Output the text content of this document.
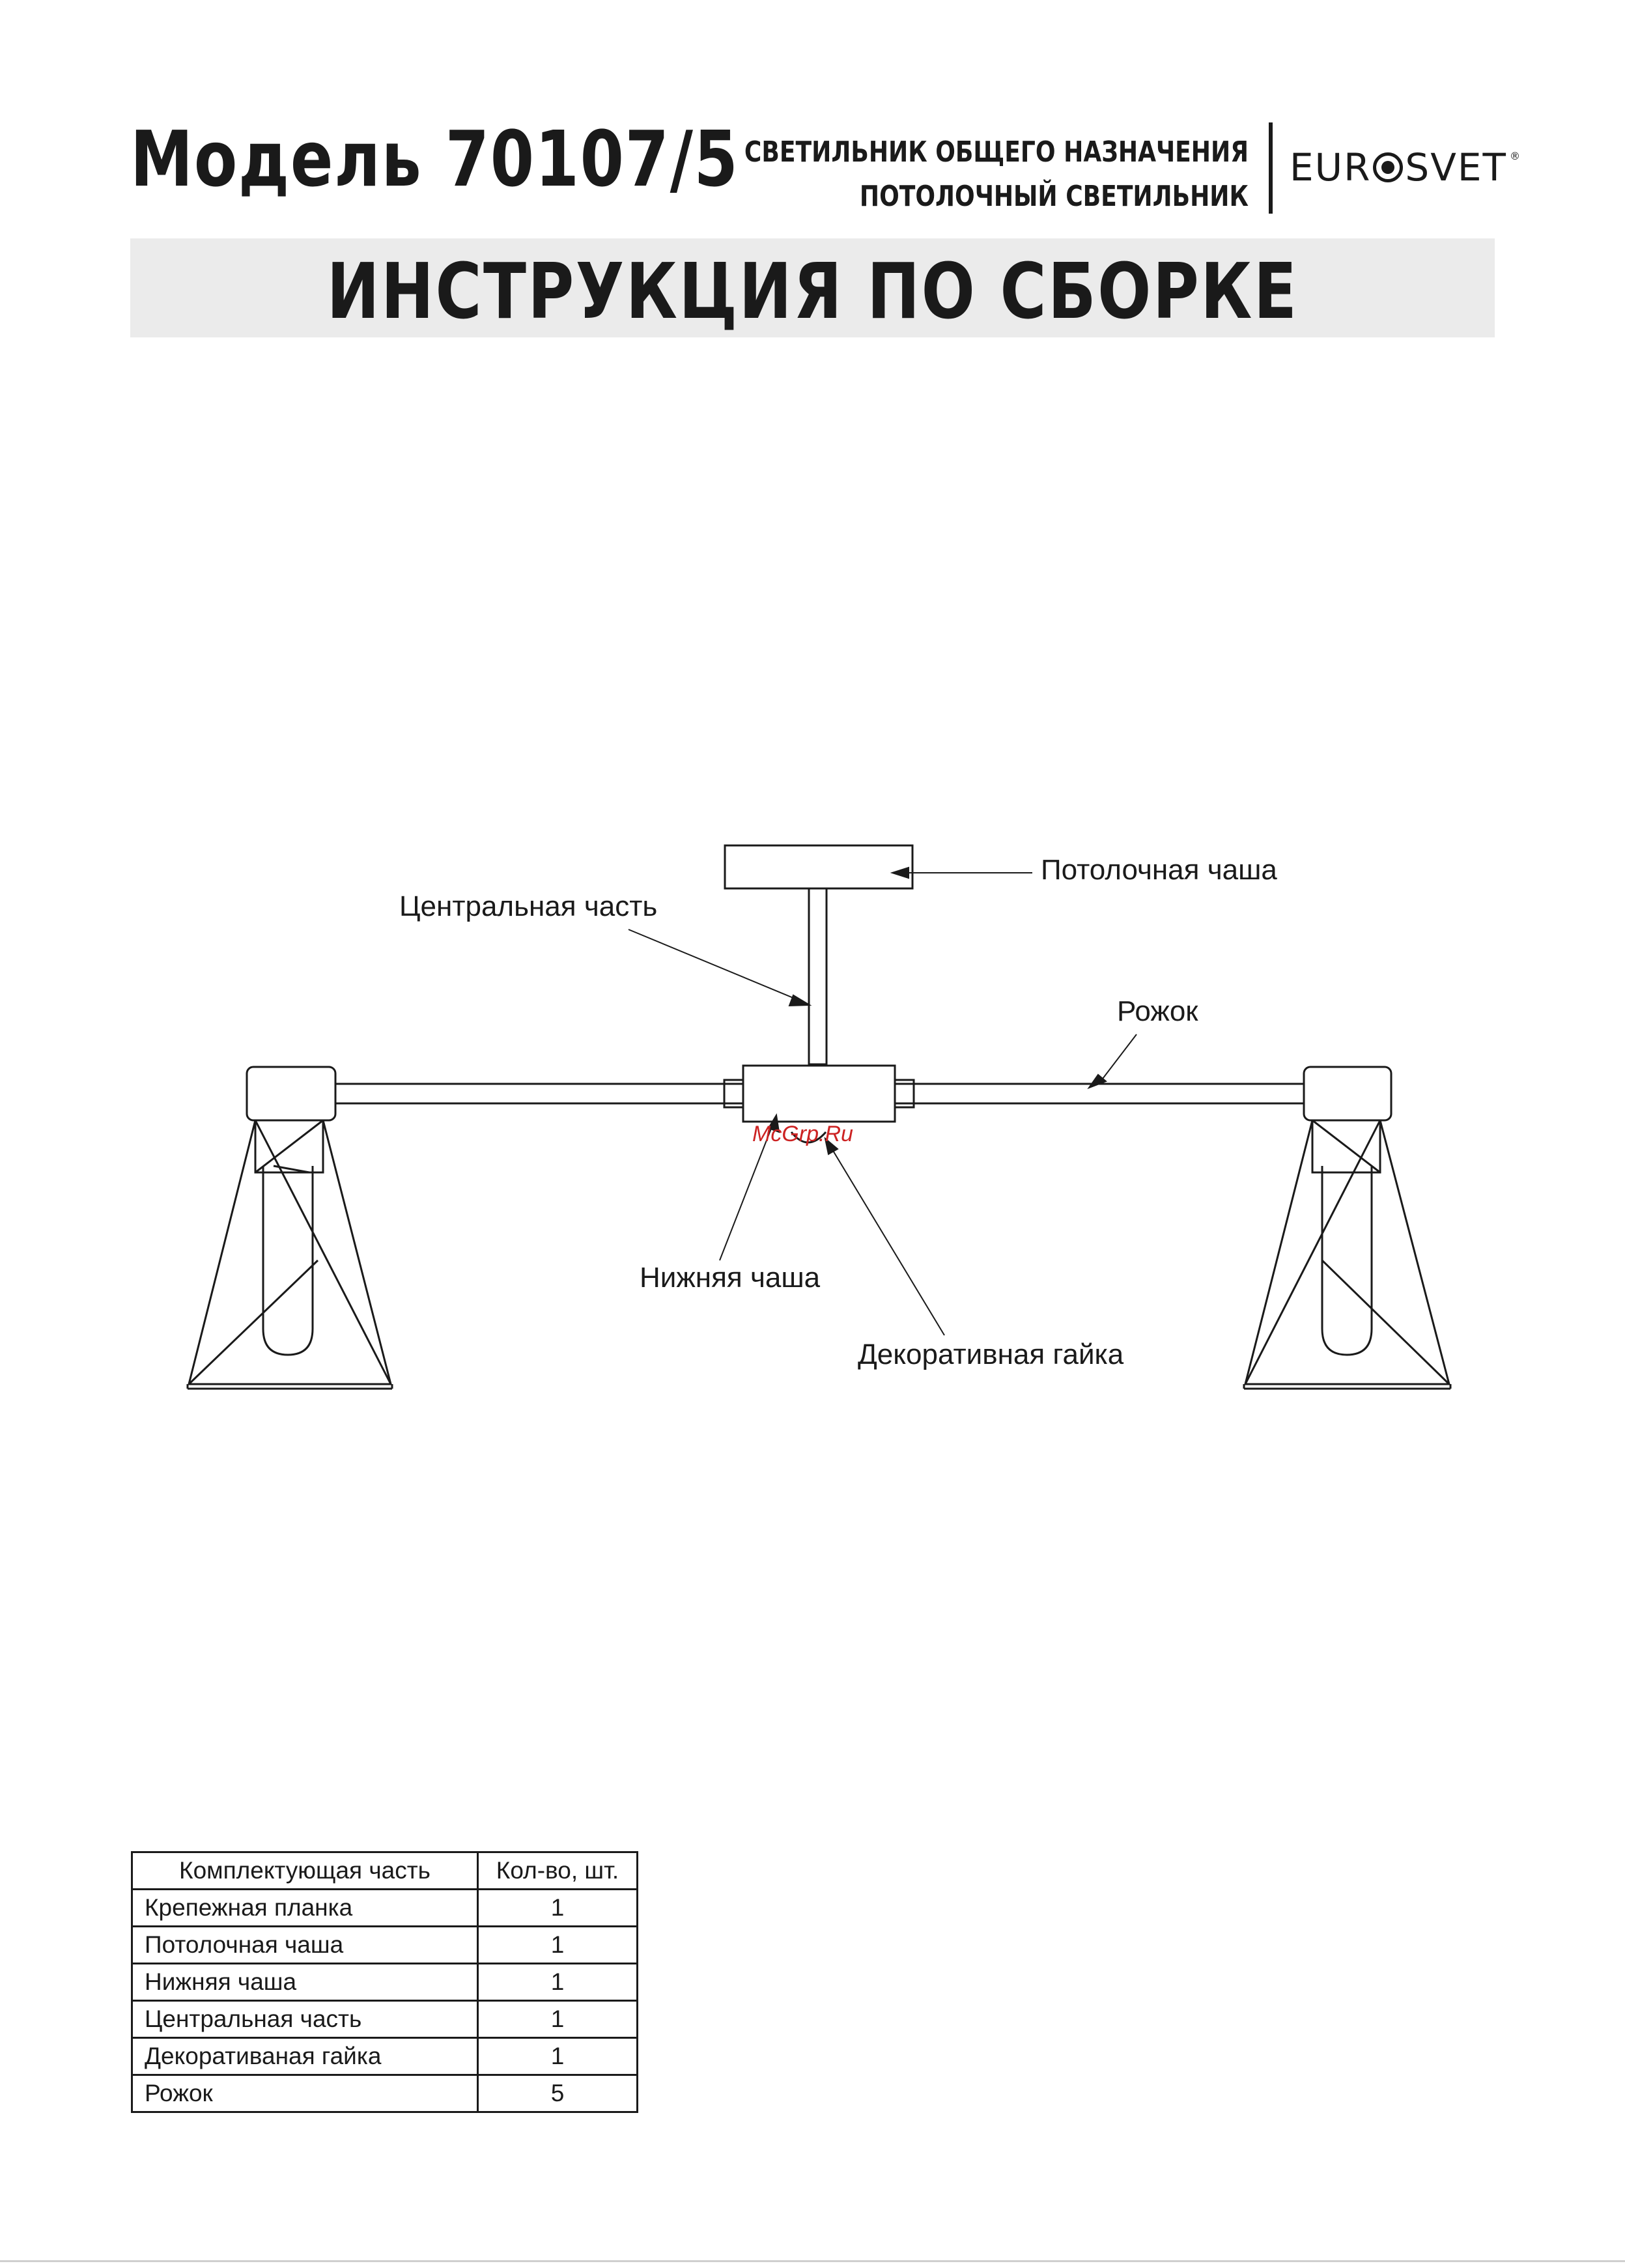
Модель 70107/5 СВЕТИЛЬНИК ОБЩЕГО НАЗНАЧЕНИЯ
ПОТОЛОЧНЫЙ СВЕТИЛЬНИК
EUR SVET ®
ИНСТРУКЦИЯ ПО СБОРКЕ
Потолочная чаша
Центральная часть
Рожок
Нижняя чаша
Декоративная гайка
McGrp.Ru
Комплектующая часть	Кол-во, шт.
Крепежная планка	1
Потолочная чаша	1
Нижняя чаша	1
Центральная часть	1
Декоративаная гайка	1
Рожок	5
